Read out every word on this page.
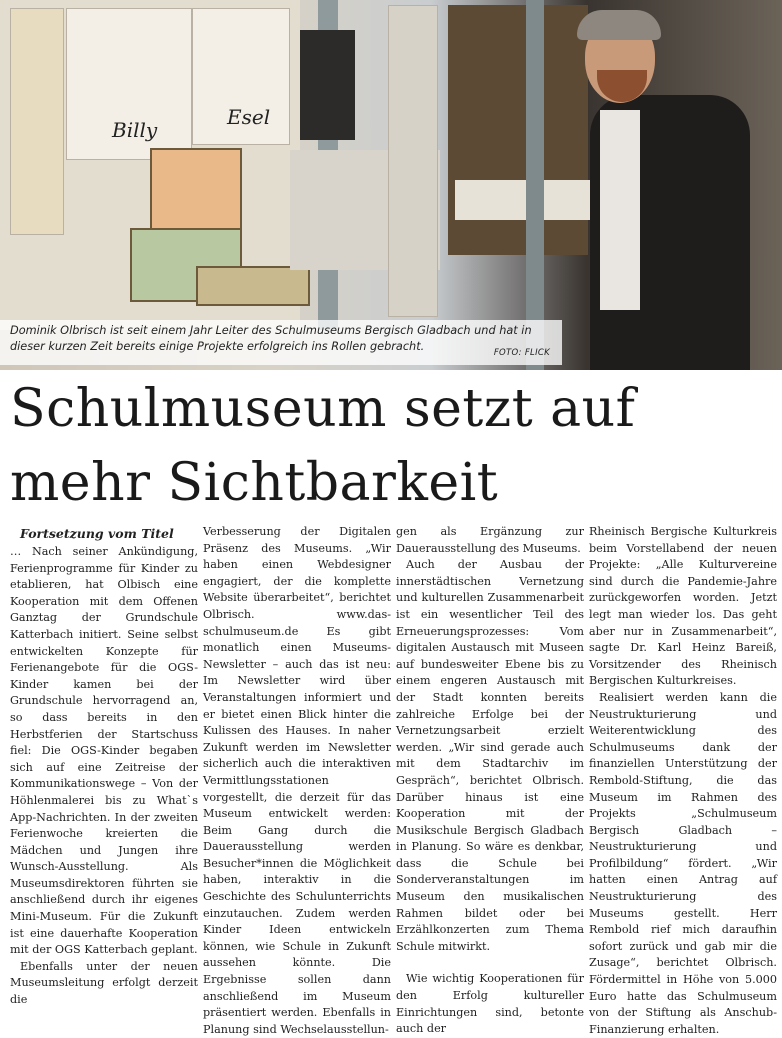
Billy
Esel
Dominik Olbrisch ist seit einem Jahr Leiter des Schulmuseums Bergisch Gladbach und hat in dieser kurzen Zeit bereits einige Projekte erfolgreich ins Rollen gebracht.	FOTO: FLICK
Schulmuseum setzt auf mehr Sichtbarkeit

Fortsetzung vom Titel

… Nach seiner Ankündigung, Ferienprogramme für Kinder zu etablieren, hat Olbisch eine Kooperation mit dem Offenen Ganztag der Grundschule Katterbach initiert. Seine selbst entwickelten Konzepte für Ferienangebote für die OGS-Kinder kamen bei der Grundschule hervorragend an, so dass bereits in den Herbstferien der Startschuss fiel: Die OGS-Kinder begaben sich auf eine Zeitreise der Kommunikationswege – Von der Höhlenmalerei bis zu What`s App-Nachrichten. In der zweiten Ferienwoche kreierten die Mädchen und Jungen ihre Wunsch-Ausstellung. Als Museumsdirektoren führten sie anschließend durch ihr eigenes Mini-Museum. Für die Zukunft ist eine dauerhafte Kooperation mit der OGS Katterbach geplant.

Ebenfalls unter der neuen Museumsleitung erfolgt derzeit die

Verbesserung der Digitalen Präsenz des Museums. „Wir haben einen Webdesigner engagiert, der die komplette Website überarbeitet“, berichtet Olbrisch. www.das-schulmuseum.de Es gibt monatlich einen Museums-Newsletter – auch das ist neu: Im Newsletter wird über Veranstaltungen informiert und er bietet einen Blick hinter die Kulissen des Hauses. In naher Zukunft werden im Newsletter sicherlich auch die interaktiven Vermittlungsstationen vorgestellt, die derzeit für das Museum entwickelt werden: Beim Gang durch die Dauerausstellung werden Besucher*innen die Möglichkeit haben, interaktiv in die Geschichte des Schulunterrichts einzutauchen. Zudem werden Kinder Ideen entwickeln können, wie Schule in Zukunft aussehen könnte. Die Ergebnisse sollen dann anschließend im Museum präsentiert werden. Ebenfalls in Planung sind Wechselausstellun-

gen als Ergänzung zur Dauerausstellung des Museums.

Auch der Ausbau der innerstädtischen Vernetzung und kulturellen Zusammenarbeit ist ein wesentlicher Teil des Erneuerungsprozesses: Vom digitalen Austausch mit Museen auf bundesweiter Ebene bis zu einem engeren Austausch mit der Stadt konnten bereits zahlreiche Erfolge bei der Vernetzungsarbeit erzielt werden. „Wir sind gerade auch mit dem Stadtarchiv im Gespräch“, berichtet Olbrisch. Darüber hinaus ist eine Kooperation mit der Musikschule Bergisch Gladbach in Planung. So wäre es denkbar, dass die Schule bei Sonderveranstaltungen im Museum den musikalischen Rahmen bildet oder bei Erzählkonzerten zum Thema Schule mitwirkt.

Wie wichtig Kooperationen für den Erfolg kultureller Einrichtungen sind, betonte auch der

Rheinisch Bergische Kulturkreis beim Vorstellabend der neuen Projekte: „Alle Kulturvereine sind durch die Pandemie-Jahre zurückgeworfen worden. Jetzt legt man wieder los. Das geht aber nur in Zusammenarbeit“, sagte Dr. Karl Heinz Bareiß, Vorsitzender des Rheinisch Bergischen Kulturkreises.

Realisiert werden kann die Neustrukturierung und Weiterentwicklung des Schulmuseums dank der finanziellen Unterstützung der Rembold-Stiftung, die das Museum im Rahmen des Projekts „Schulmuseum Bergisch Gladbach – Neustrukturierung und Profilbildung“ fördert. „Wir hatten einen Antrag auf Neustrukturierung des Museums gestellt. Herr Rembold rief mich daraufhin sofort zurück und gab mir die Zusage“, berichtet Olbrisch. Fördermittel in Höhe von 5.000 Euro hatte das Schulmuseum von der Stiftung als Anschub-Finanzierung erhalten.
